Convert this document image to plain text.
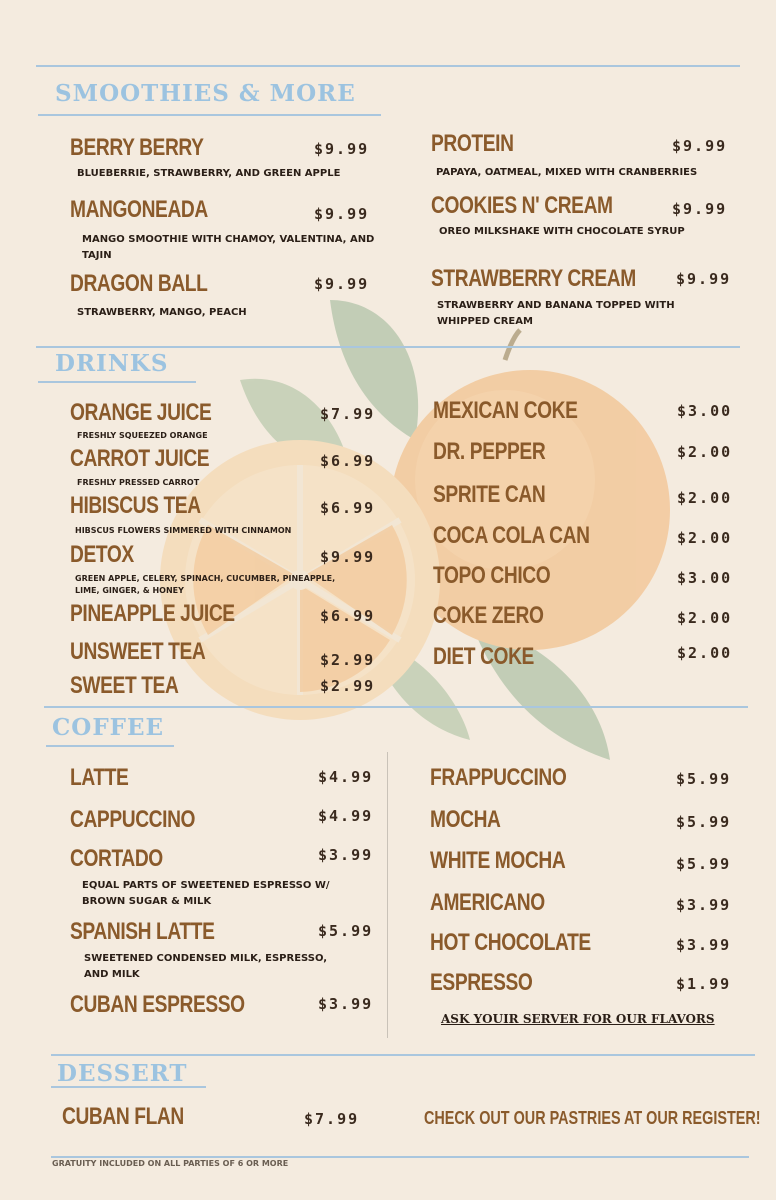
SMOOTHIES & MORE
DRINKS
COFFEE
DESSERT
BERRY BERRY	$9.99
BLUEBERRIE, STRAWBERRY, AND GREEN APPLE
MANGONEADA	$9.99
MANGO SMOOTHIE WITH CHAMOY, VALENTINA, AND TAJIN
DRAGON BALL	$9.99
STRAWBERRY, MANGO, PEACH
PROTEIN	$9.99
PAPAYA, OATMEAL, MIXED WITH CRANBERRIES
COOKIES N' CREAM	$9.99
OREO MILKSHAKE WITH CHOCOLATE SYRUP
STRAWBERRY CREAM	$9.99
STRAWBERRY AND BANANA TOPPED WITH WHIPPED CREAM
ORANGE JUICE	$7.99
FRESHLY SQUEEZED ORANGE
CARROT JUICE	$6.99
FRESHLY PRESSED CARROT
HIBISCUS TEA	$6.99
HIBSCUS FLOWERS SIMMERED WITH CINNAMON
DETOX	$9.99
GREEN APPLE, CELERY, SPINACH, CUCUMBER, PINEAPPLE, LIME, GINGER, & HONEY
PINEAPPLE JUICE	$6.99
UNSWEET TEA	$2.99
SWEET TEA	$2.99
MEXICAN COKE	$3.00
DR. PEPPER	$2.00
SPRITE CAN	$2.00
COCA COLA CAN	$2.00
TOPO CHICO	$3.00
COKE ZERO	$2.00
DIET COKE	$2.00
LATTE	$4.99
CAPPUCCINO	$4.99
CORTADO	$3.99
EQUAL PARTS OF SWEETENED ESPRESSO W/ BROWN SUGAR & MILK
SPANISH LATTE	$5.99
SWEETENED CONDENSED MILK, ESPRESSO, AND MILK
CUBAN ESPRESSO	$3.99
FRAPPUCCINO	$5.99
MOCHA	$5.99
WHITE MOCHA	$5.99
AMERICANO	$3.99
HOT CHOCOLATE	$3.99
ESPRESSO	$1.99
ASK YOUIR SERVER FOR OUR FLAVORS
CUBAN FLAN	$7.99	CHECK OUT OUR PASTRIES AT OUR REGISTER!
GRATUITY INCLUDED ON ALL PARTIES OF 6 OR MORE
